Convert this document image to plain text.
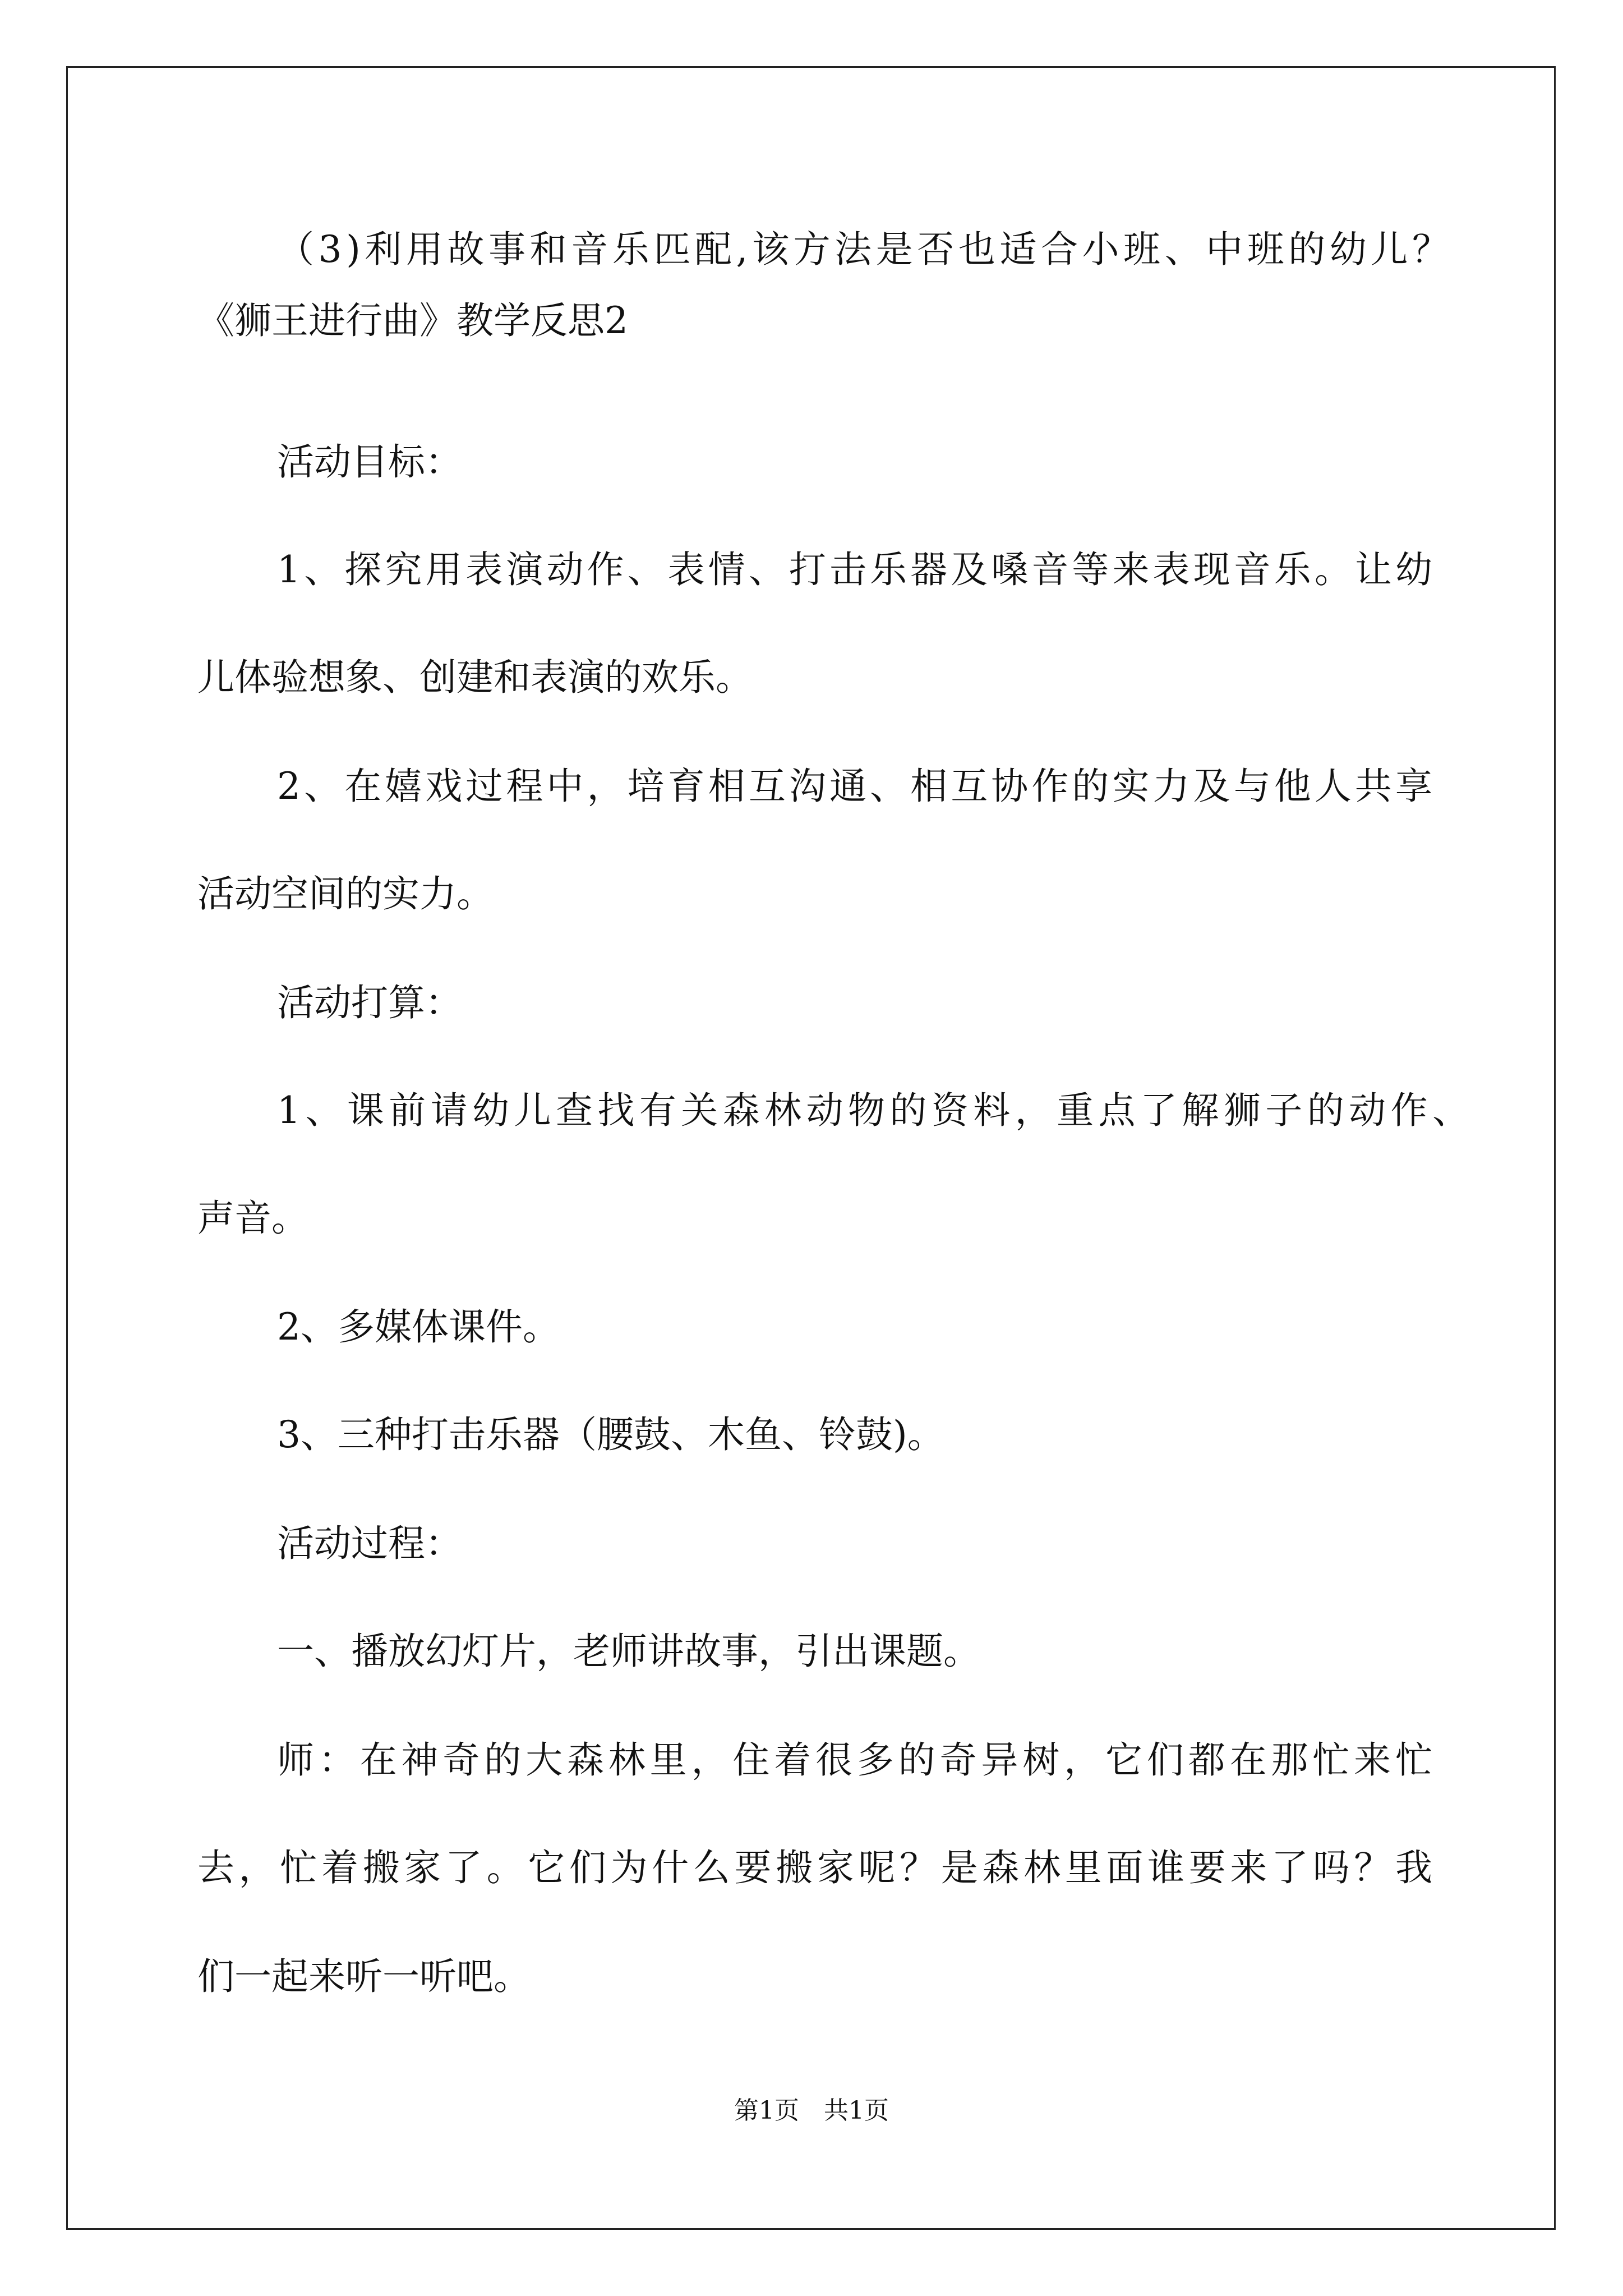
（3)利用故事和音乐匹配,该方法是否也适合小班、中班的幼儿？
《狮王进行曲》教学反思2
活动目标：
1、探究用表演动作、表情、打击乐器及嗓音等来表现音乐。让幼
儿体验想象、创建和表演的欢乐。
2、在嬉戏过程中，培育相互沟通、相互协作的实力及与他人共享
活动空间的实力。
活动打算：
1、课前请幼儿查找有关森林动物的资料，重点了解狮子的动作、
声音。
2、多媒体课件。
3、三种打击乐器（腰鼓、木鱼、铃鼓)。
活动过程：
一、播放幻灯片，老师讲故事，引出课题。
师：在神奇的大森林里，住着很多的奇异树，它们都在那忙来忙
去，忙着搬家了。它们为什么要搬家呢？是森林里面谁要来了吗？我
们一起来听一听吧。
第1页　共1页
